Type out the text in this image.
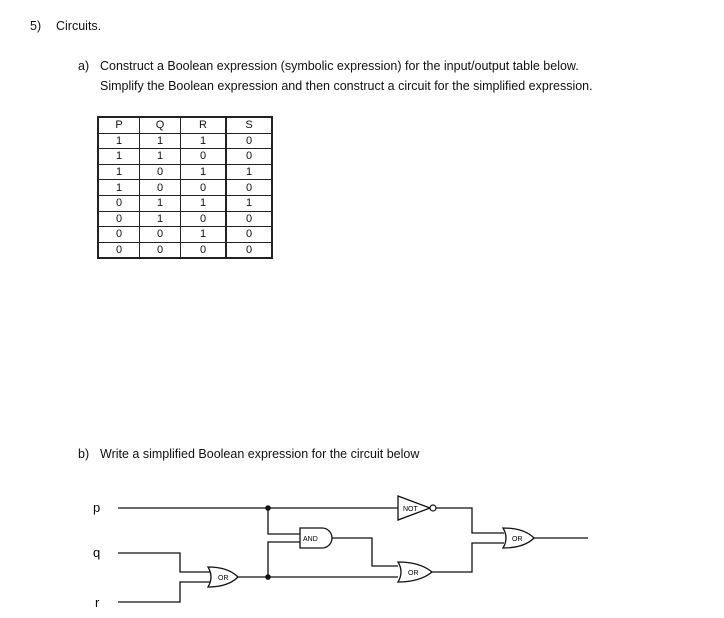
5) Circuits.
a) Construct a Boolean expression (symbolic expression) for the input/output table below.
Simplify the Boolean expression and then construct a circuit for the simplified expression.
P	Q	R	S
1	1	1	0
1	1	0	0
1	0	1	1
1	0	0	0
0	1	1	1
0	1	0	0
0	0	1	0
0	0	0	0
b) Write a simplified Boolean expression for the circuit below
NOT
AND
OR
OR
OR
p
q
r
